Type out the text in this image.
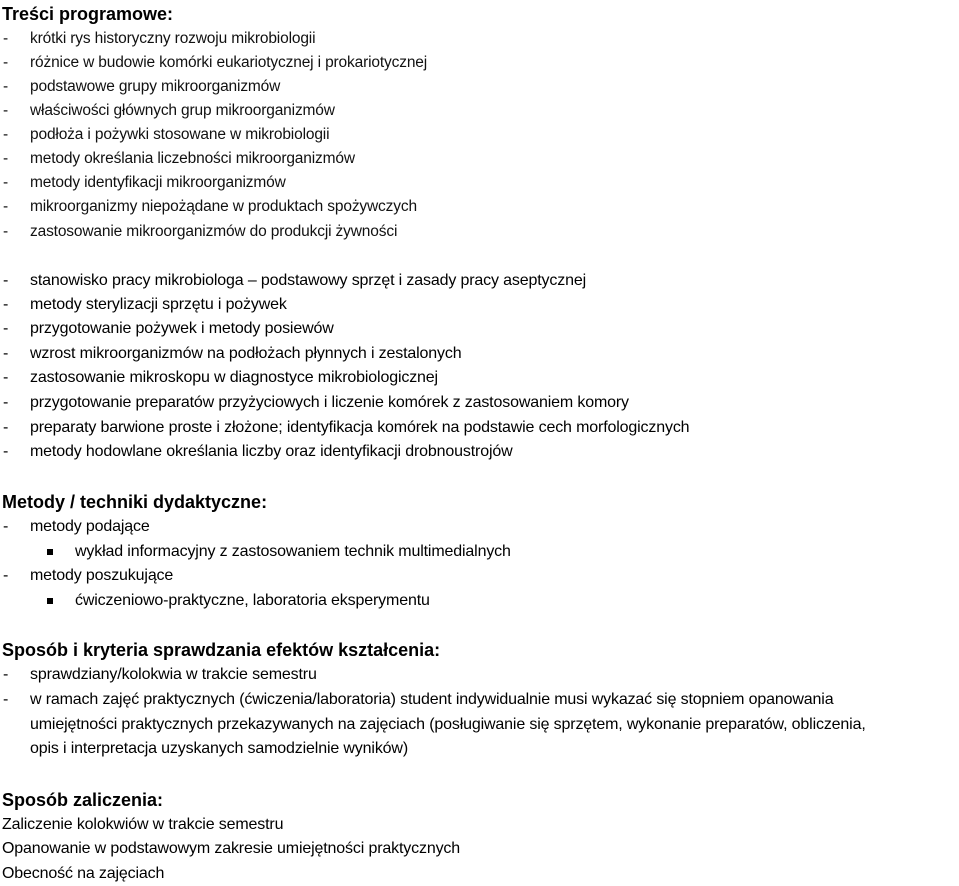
Treści programowe:
-	krótki rys historyczny rozwoju mikrobiologii
-	różnice w budowie komórki eukariotycznej i prokariotycznej
-	podstawowe grupy mikroorganizmów
-	właściwości głównych grup mikroorganizmów
-	podłoża i pożywki stosowane w mikrobiologii
-	metody określania liczebności mikroorganizmów
-	metody identyfikacji mikroorganizmów
-	mikroorganizmy niepożądane w produktach spożywczych
-	zastosowanie mikroorganizmów do produkcji żywności
-	stanowisko pracy mikrobiologa – podstawowy sprzęt i zasady pracy aseptycznej
-	metody sterylizacji sprzętu i pożywek
-	przygotowanie pożywek i metody posiewów
-	wzrost mikroorganizmów na podłożach płynnych i zestalonych
-	zastosowanie mikroskopu w diagnostyce mikrobiologicznej
-	przygotowanie preparatów przyżyciowych i liczenie komórek z zastosowaniem komory
-	preparaty barwione proste i złożone; identyfikacja komórek na podstawie cech morfologicznych
-	metody hodowlane określania liczby oraz identyfikacji drobnoustrojów
Metody / techniki dydaktyczne:
-	metody podające
wykład informacyjny z zastosowaniem technik multimedialnych
-	metody poszukujące
ćwiczeniowo-praktyczne, laboratoria eksperymentu
Sposób i kryteria sprawdzania efektów kształcenia:
-	sprawdziany/kolokwia w trakcie semestru
-	w ramach zajęć praktycznych (ćwiczenia/laboratoria) student indywidualnie musi wykazać się stopniem opanowania
umiejętności praktycznych przekazywanych na zajęciach (posługiwanie się sprzętem, wykonanie preparatów, obliczenia,
opis i interpretacja uzyskanych samodzielnie wyników)
Sposób zaliczenia:
Zaliczenie kolokwiów w trakcie semestru
Opanowanie w podstawowym zakresie umiejętności praktycznych
Obecność na zajęciach
